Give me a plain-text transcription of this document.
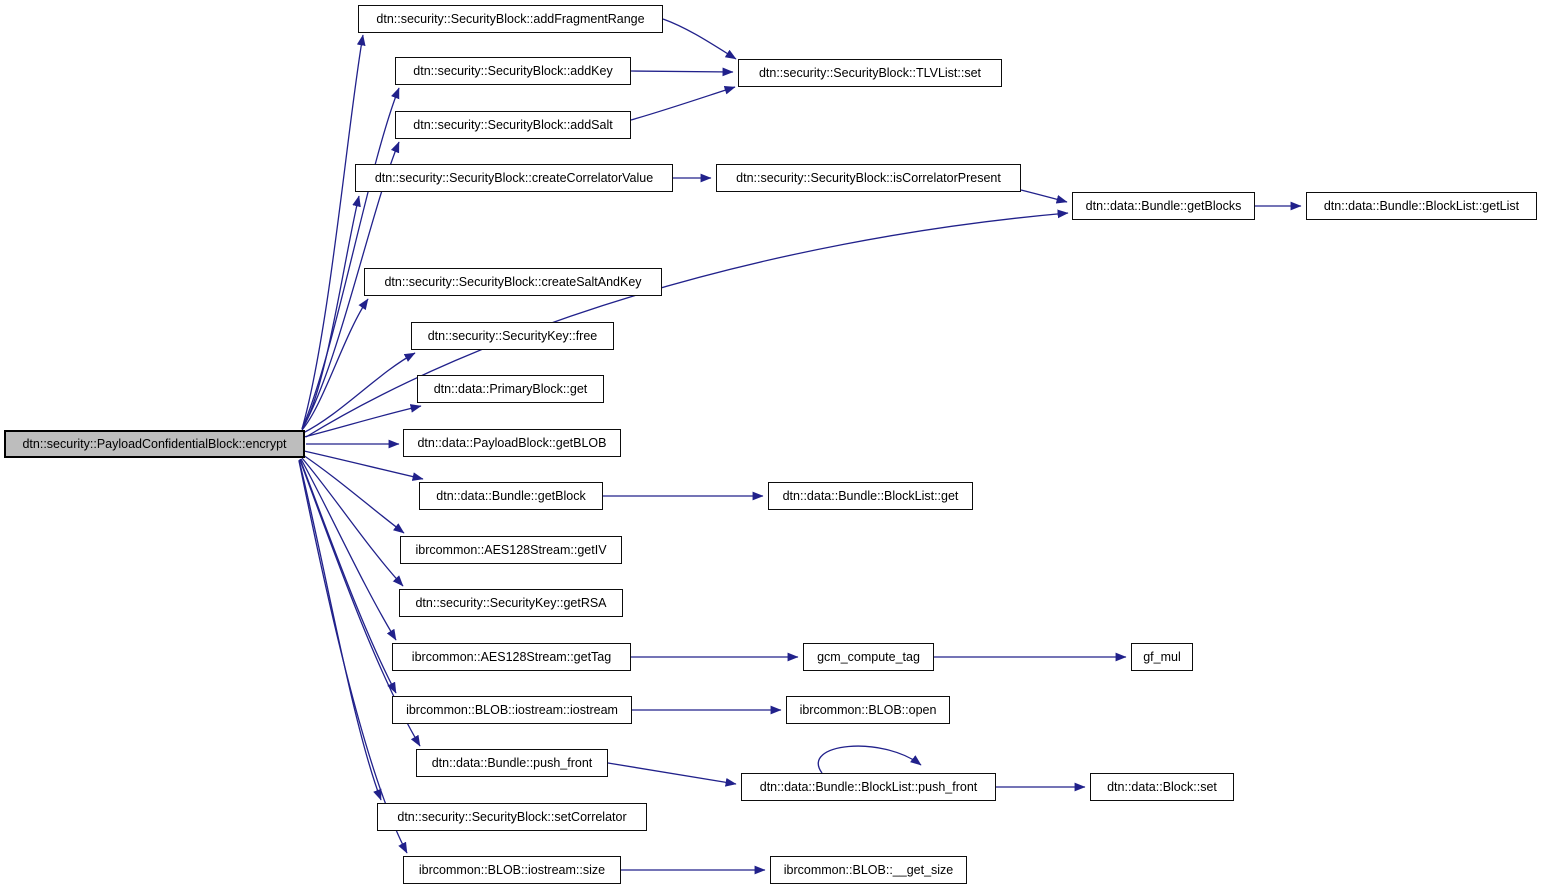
dtn::security::PayloadConfidentialBlock::encrypt
dtn::security::SecurityBlock::addFragmentRange
dtn::security::SecurityBlock::addKey
dtn::security::SecurityBlock::addSalt
dtn::security::SecurityBlock::createCorrelatorValue
dtn::security::SecurityBlock::createSaltAndKey
dtn::security::SecurityKey::free
dtn::data::PrimaryBlock::get
dtn::data::PayloadBlock::getBLOB
dtn::data::Bundle::getBlock
ibrcommon::AES128Stream::getIV
dtn::security::SecurityKey::getRSA
ibrcommon::AES128Stream::getTag
ibrcommon::BLOB::iostream::iostream
dtn::data::Bundle::push_front
dtn::security::SecurityBlock::setCorrelator
ibrcommon::BLOB::iostream::size
dtn::security::SecurityBlock::TLVList::set
dtn::security::SecurityBlock::isCorrelatorPresent
dtn::data::Bundle::getBlocks	dtn::data::Bundle::BlockList::getList
dtn::data::Bundle::BlockList::get
gcm_compute_tag	gf_mul
ibrcommon::BLOB::open
dtn::data::Bundle::BlockList::push_front	dtn::data::Block::set
ibrcommon::BLOB::__get_size
